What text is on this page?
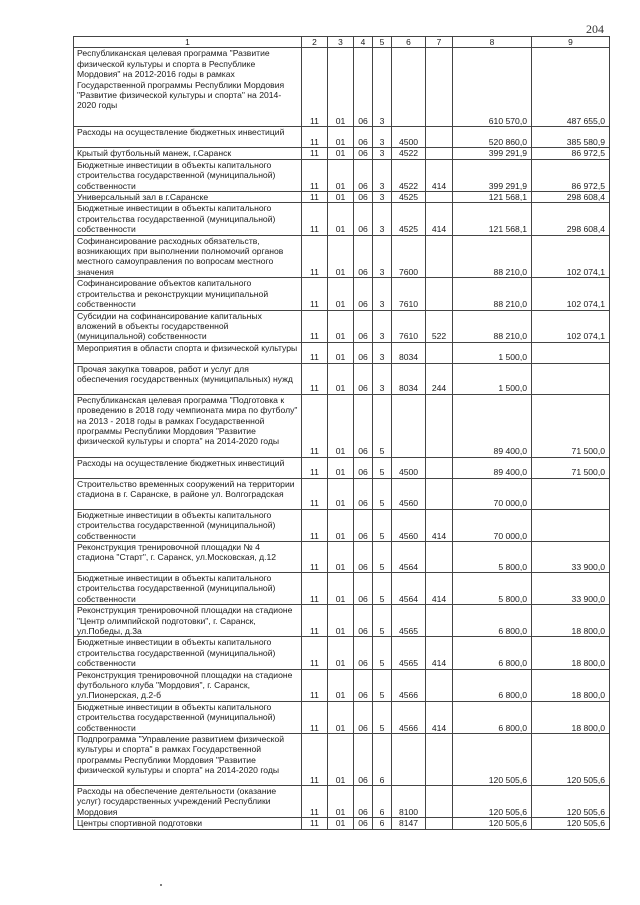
204
1	2	3	4	5	6	7	8	9
Республиканская целевая программа "Развитие физической культуры и спорта в Республике Мордовия" на 2012-2016 годы в рамках Государственной программы Республики Мордовия "Развитие физической культуры и спорта" на 2014-2020 годы	11	01	06	3			610 570,0	487 655,0
Расходы на осуществление бюджетных инвестиций	11	01	06	3	4500		520 860,0	385 580,9
Крытый футбольный манеж, г.Саранск	11	01	06	3	4522		399 291,9	86 972,5
Бюджетные инвестиции в объекты капитального строительства государственной (муниципальной) собственности	11	01	06	3	4522	414	399 291,9	86 972,5
Универсальный зал в г.Саранске	11	01	06	3	4525		121 568,1	298 608,4
Бюджетные инвестиции в объекты капитального строительства государственной (муниципальной) собственности	11	01	06	3	4525	414	121 568,1	298 608,4
Софинансирование расходных обязательств, возникающих при выполнении полномочий органов местного самоуправления по вопросам местного значения	11	01	06	3	7600		88 210,0	102 074,1
Софинансирование объектов капитального строительства и реконструкции муниципальной собственности	11	01	06	3	7610		88 210,0	102 074,1
Субсидии на софинансирование капитальных вложений в объекты государственной (муниципальной) собственности	11	01	06	3	7610	522	88 210,0	102 074,1
Мероприятия в области спорта и физической культуры	11	01	06	3	8034		1 500,0	
Прочая закупка товаров, работ и услуг для обеспечения государственных (муниципальных) нужд	11	01	06	3	8034	244	1 500,0	
Республиканская целевая программа "Подготовка к проведению в 2018 году чемпионата мира по футболу" на 2013 - 2018 годы в рамках Государственной программы Республики Мордовия "Развитие физической культуры и спорта" на 2014-2020 годы	11	01	06	5			89 400,0	71 500,0
Расходы на осуществление бюджетных инвестиций	11	01	06	5	4500		89 400,0	71 500,0
Строительство временных сооружений на территории стадиона в г. Саранске, в районе ул. Волгоградская	11	01	06	5	4560		70 000,0	
Бюджетные инвестиции в объекты капитального строительства государственной (муниципальной) собственности	11	01	06	5	4560	414	70 000,0	
Реконструкция тренировочной площадки № 4 стадиона "Старт", г. Саранск, ул.Московская, д.12	11	01	06	5	4564		5 800,0	33 900,0
Бюджетные инвестиции в объекты капитального строительства государственной (муниципальной) собственности	11	01	06	5	4564	414	5 800,0	33 900,0
Реконструкция тренировочной площадки на стадионе "Центр олимпийской подготовки", г. Саранск, ул.Победы, д.3а	11	01	06	5	4565		6 800,0	18 800,0
Бюджетные инвестиции в объекты капитального строительства государственной (муниципальной) собственности	11	01	06	5	4565	414	6 800,0	18 800,0
Реконструкция тренировочной площадки на стадионе футбольного клуба "Мордовия", г. Саранск, ул.Пионерская, д.2-б	11	01	06	5	4566		6 800,0	18 800,0
Бюджетные инвестиции в объекты капитального строительства государственной (муниципальной) собственности	11	01	06	5	4566	414	6 800,0	18 800,0
Подпрограмма "Управление развитием физической культуры и спорта" в рамках Государственной программы Республики Мордовия "Развитие физической культуры и спорта" на 2014-2020 годы	11	01	06	6			120 505,6	120 505,6
Расходы на обеспечение деятельности (оказание услуг) государственных учреждений Республики Мордовия	11	01	06	6	8100		120 505,6	120 505,6
Центры спортивной подготовки	11	01	06	6	8147		120 505,6	120 505,6
